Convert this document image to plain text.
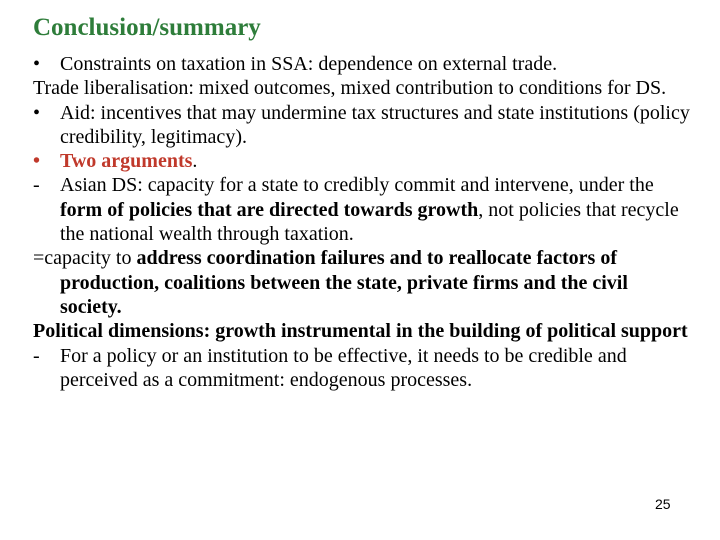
Conclusion/summary
• Constraints on taxation in SSA: dependence on external trade.
Trade liberalisation: mixed outcomes, mixed contribution to conditions for DS.
• Aid: incentives that may undermine tax structures and state institutions (policy credibility, legitimacy).
• Two arguments.
- Asian DS: capacity for a state to credibly commit and intervene, under the form of policies that are directed towards growth, not policies that recycle the national wealth through taxation.
=capacity to address coordination failures and to reallocate factors of production, coalitions between the state, private firms and the civil society.
Political dimensions: growth instrumental in the building of political support
- For a policy or an institution to be effective, it needs to be credible and perceived as a commitment: endogenous processes.
25
